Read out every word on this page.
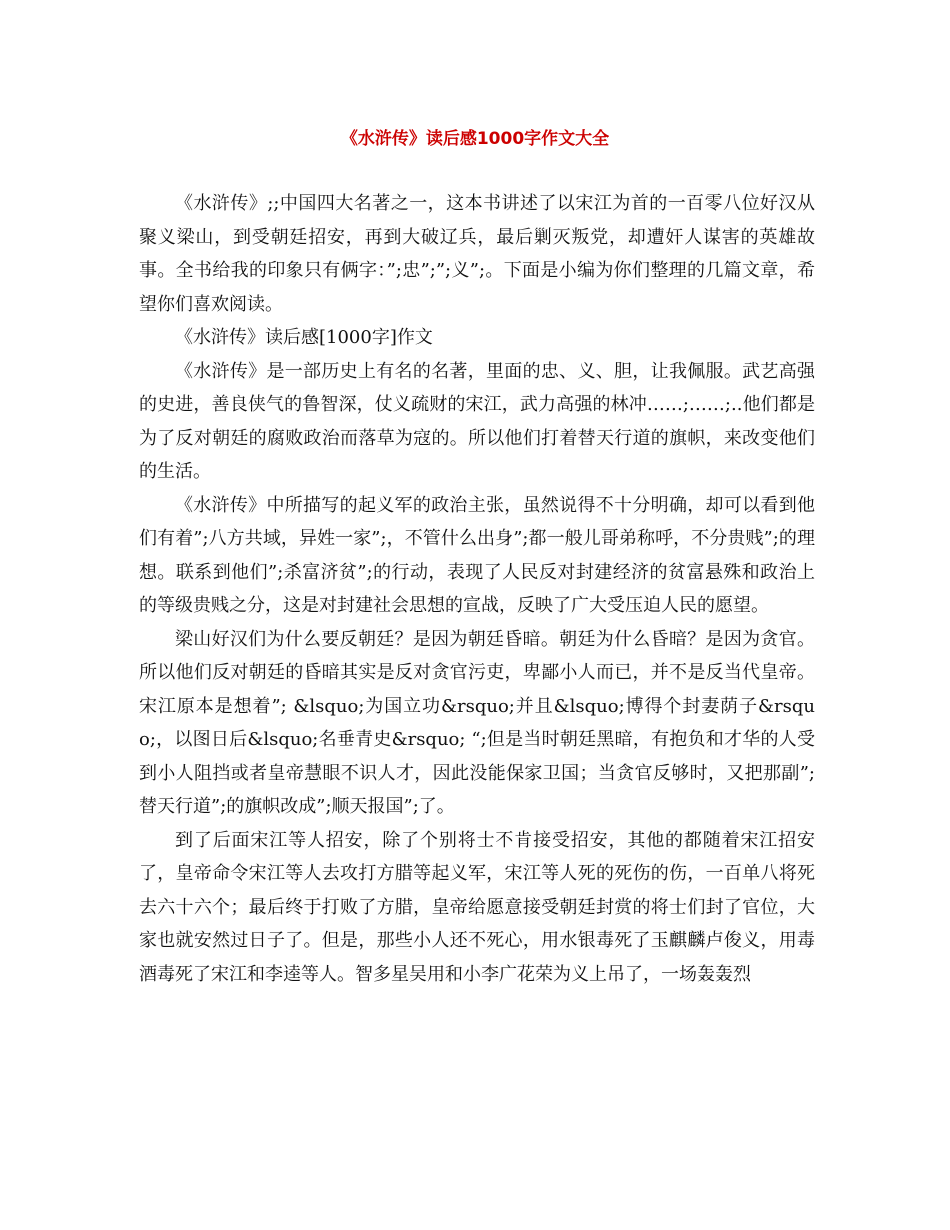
《水浒传》读后感1000字作文大全

《水浒传》;;中国四大名著之一，这本书讲述了以宋江为首的一百零八位好汉从聚义梁山，到受朝廷招安，再到大破辽兵，最后剿灭叛党，却遭奸人谋害的英雄故事。全书给我的印象只有俩字：”;忠”;”;义”;。下面是小编为你们整理的几篇文章，希望你们喜欢阅读。

《水浒传》读后感[1000字]作文

《水浒传》是一部历史上有名的名著，里面的忠、义、胆，让我佩服。武艺高强的史进，善良侠气的鲁智深，仗义疏财的宋江，武力高强的林冲……;……;..他们都是为了反对朝廷的腐败政治而落草为寇的。所以他们打着替天行道的旗帜，来改变他们的生活。

《水浒传》中所描写的起义军的政治主张，虽然说得不十分明确，却可以看到他们有着”;八方共域，异姓一家”;，不管什么出身”;都一般儿哥弟称呼，不分贵贱”;的理想。联系到他们”;杀富济贫”;的行动，表现了人民反对封建经济的贫富悬殊和政治上的等级贵贱之分，这是对封建社会思想的宣战，反映了广大受压迫人民的愿望。

梁山好汉们为什么要反朝廷？是因为朝廷昏暗。朝廷为什么昏暗？是因为贪官。所以他们反对朝廷的昏暗其实是反对贪官污吏，卑鄙小人而已，并不是反当代皇帝。宋江原本是想着”; &lsquo;为国立功&rsquo;并且&lsquo;博得个封妻荫子&rsquo;，以图日后&lsquo;名垂青史&rsquo; “;但是当时朝廷黑暗，有抱负和才华的人受到小人阻挡或者皇帝慧眼不识人才，因此没能保家卫国；当贪官反够时，又把那副”;替天行道”;的旗帜改成”;顺天报国”;了。

到了后面宋江等人招安，除了个别将士不肯接受招安，其他的都随着宋江招安了，皇帝命令宋江等人去攻打方腊等起义军，宋江等人死的死伤的伤，一百单八将死去六十六个；最后终于打败了方腊，皇帝给愿意接受朝廷封赏的将士们封了官位，大家也就安然过日子了。但是，那些小人还不死心，用水银毒死了玉麒麟卢俊义，用毒酒毒死了宋江和李逵等人。智多星吴用和小李广花荣为义上吊了，一场轰轰烈
